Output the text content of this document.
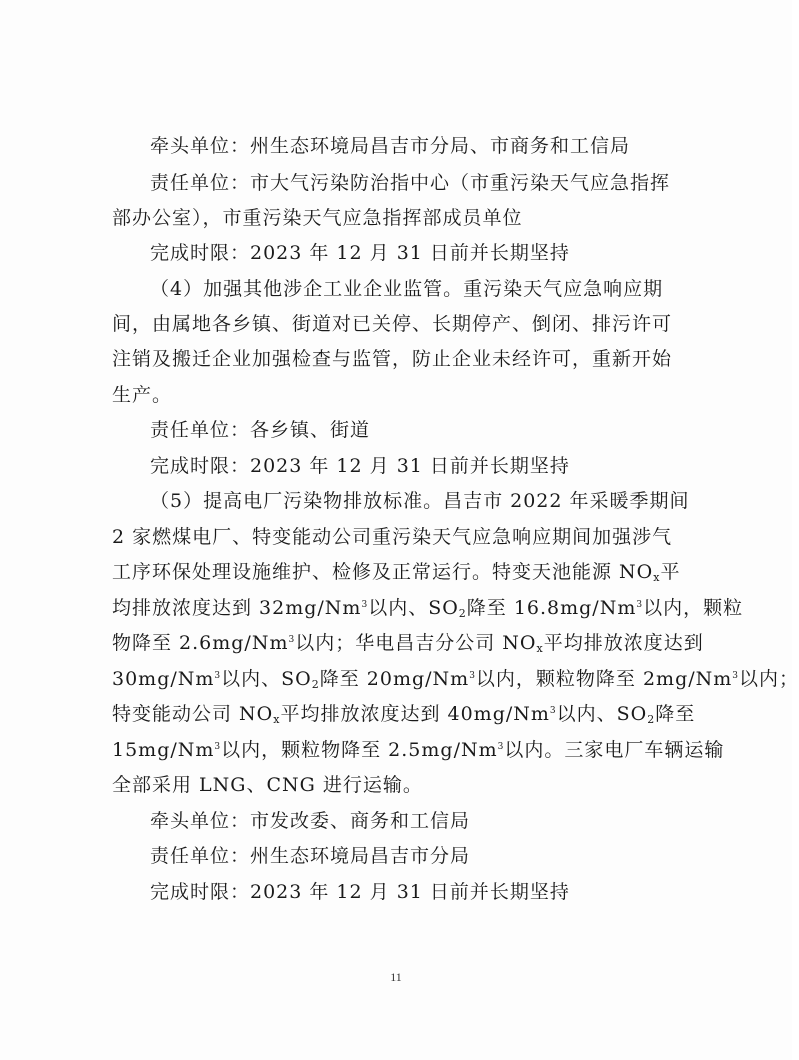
牵头单位：州生态环境局昌吉市分局、市商务和工信局
责任单位：市大气污染防治指中心（市重污染天气应急指挥
部办公室），市重污染天气应急指挥部成员单位
完成时限：2023 年 12 月 31 日前并长期坚持
（4）加强其他涉企工业企业监管。重污染天气应急响应期
间，由属地各乡镇、街道对已关停、长期停产、倒闭、排污许可
注销及搬迁企业加强检查与监管，防止企业未经许可，重新开始
生产。
责任单位：各乡镇、街道
完成时限：2023 年 12 月 31 日前并长期坚持
（5）提高电厂污染物排放标准。昌吉市 2022 年采暖季期间
2 家燃煤电厂、特变能动公司重污染天气应急响应期间加强涉气
工序环保处理设施维护、检修及正常运行。特变天池能源 $NO_x$平
均排放浓度达到 32mg/Nm$^3$以内、$SO_2$降至 16.8mg/Nm$^3$以内，颗粒
物降至 2.6mg/Nm$^3$以内；华电昌吉分公司 $NO_x$平均排放浓度达到
30mg/Nm$^3$以内、$SO_2$降至 20mg/Nm$^3$以内，颗粒物降至 2mg/Nm$^3$以内；
特变能动公司 $NO_x$平均排放浓度达到 40mg/Nm$^3$以内、$SO_2$降至
15mg/Nm$^3$以内，颗粒物降至 2.5mg/Nm$^3$以内。三家电厂车辆运输
全部采用 LNG、CNG 进行运输。
牵头单位：市发改委、商务和工信局
责任单位：州生态环境局昌吉市分局
完成时限：2023 年 12 月 31 日前并长期坚持
11
